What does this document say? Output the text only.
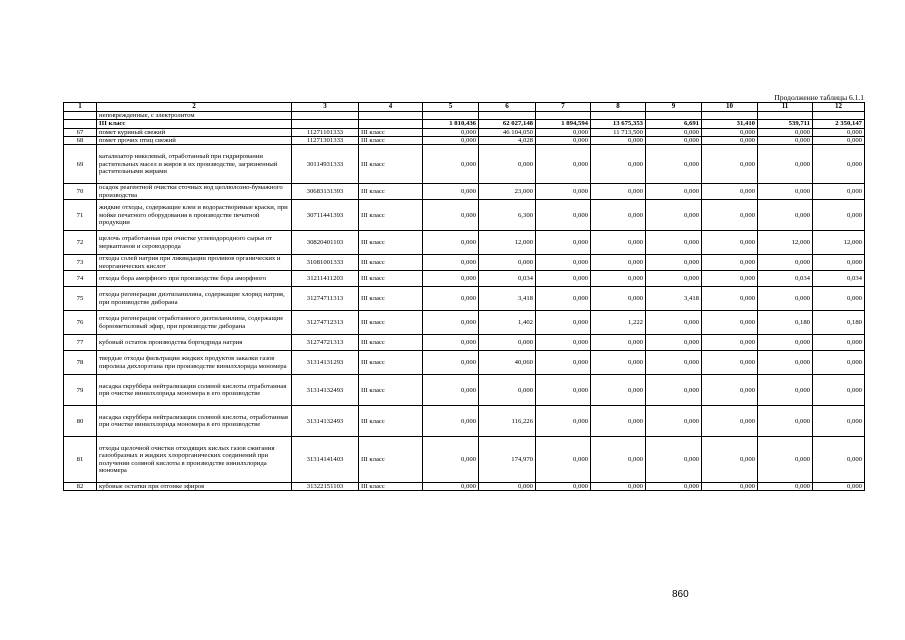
Продолжение таблицы 6.1.1
1	2	3	4	5	6	7	8	9	10	11	12
	неповрежденные, с электролитом										
	III класс			1 810,436	62 027,148	1 894,594	13 675,353	6,691	31,410	539,711	2 350,147
67	помет куриный свежий	11271101333	III класс	0,000	46 104,050	0,000	11 713,500	0,000	0,000	0,000	0,000
68	помет прочих птиц свежий	11271301333	III класс	0,000	4,028	0,000	0,000	0,000	0,000	0,000	0,000
69	катализатор никелевый, отработанный при гидрировании растительных масел и жиров в их производстве, загрязненный растительными жирами	30114931333	III класс	0,000	0,000	0,000	0,000	0,000	0,000	0,000	0,000
70	осадок реагентной очистки сточных вод целлюлозно-бумажного производства	30683131393	III класс	0,000	23,000	0,000	0,000	0,000	0,000	0,000	0,000
71	жидкие отходы, содержащие клеи и водорастворимые краски, при мойке печатного оборудования в производстве печатной продукции	30711441393	III класс	0,000	6,300	0,000	0,000	0,000	0,000	0,000	0,000
72	щелочь отработанная при очистке углеводородного сырья от меркаптанов и сероводорода	30820401103	III класс	0,000	12,000	0,000	0,000	0,000	0,000	12,000	12,000
73	отходы солей натрия при ликвидации проливов органических и неорганических кислот	31081001333	III класс	0,000	0,000	0,000	0,000	0,000	0,000	0,000	0,000
74	отходы бора аморфного при производстве бора аморфного	31211411203	III класс	0,000	0,034	0,000	0,000	0,000	0,000	0,034	0,034
75	отходы регенерации диэтиланилина, содержащие хлорид натрия, при производстве диборана	31274711313	III класс	0,000	3,418	0,000	0,000	3,418	0,000	0,000	0,000
76	отходы регенерации отработанного диэтиланилина, содержащие борнометиловый эфир, при производстве диборана	31274712313	III класс	0,000	1,402	0,000	1,222	0,000	0,000	0,180	0,180
77	кубовый остаток производства боргидрида натрия	31274721313	III класс	0,000	0,000	0,000	0,000	0,000	0,000	0,000	0,000
78	твердые отходы фильтрации жидких продуктов закалки газов пиролиза дихлорэтана при производстве винилхлорида мономера	31314131293	III класс	0,000	40,060	0,000	0,000	0,000	0,000	0,000	0,000
79	насадка скруббера нейтрализации соляной кислоты отработанная при очистке винилхлорида мономера в его производстве	31314132493	III класс	0,000	0,000	0,000	0,000	0,000	0,000	0,000	0,000
80	насадка скруббера нейтрализации соляной кислоты, отработанная при очистке винилхлорида мономера в его производстве	31314132493	III класс	0,000	116,226	0,000	0,000	0,000	0,000	0,000	0,000
81	отходы щелочной очистки отходящих кислых газов сжигания газообразных и жидких хлорорганических соединений при получении соляной кислоты в производстве винилхлорида мономера	31314141403	III класс	0,000	174,970	0,000	0,000	0,000	0,000	0,000	0,000
82	кубовые остатки при отгонке эфиров	31322151103	III класс	0,000	0,000	0,000	0,000	0,000	0,000	0,000	0,000
860
